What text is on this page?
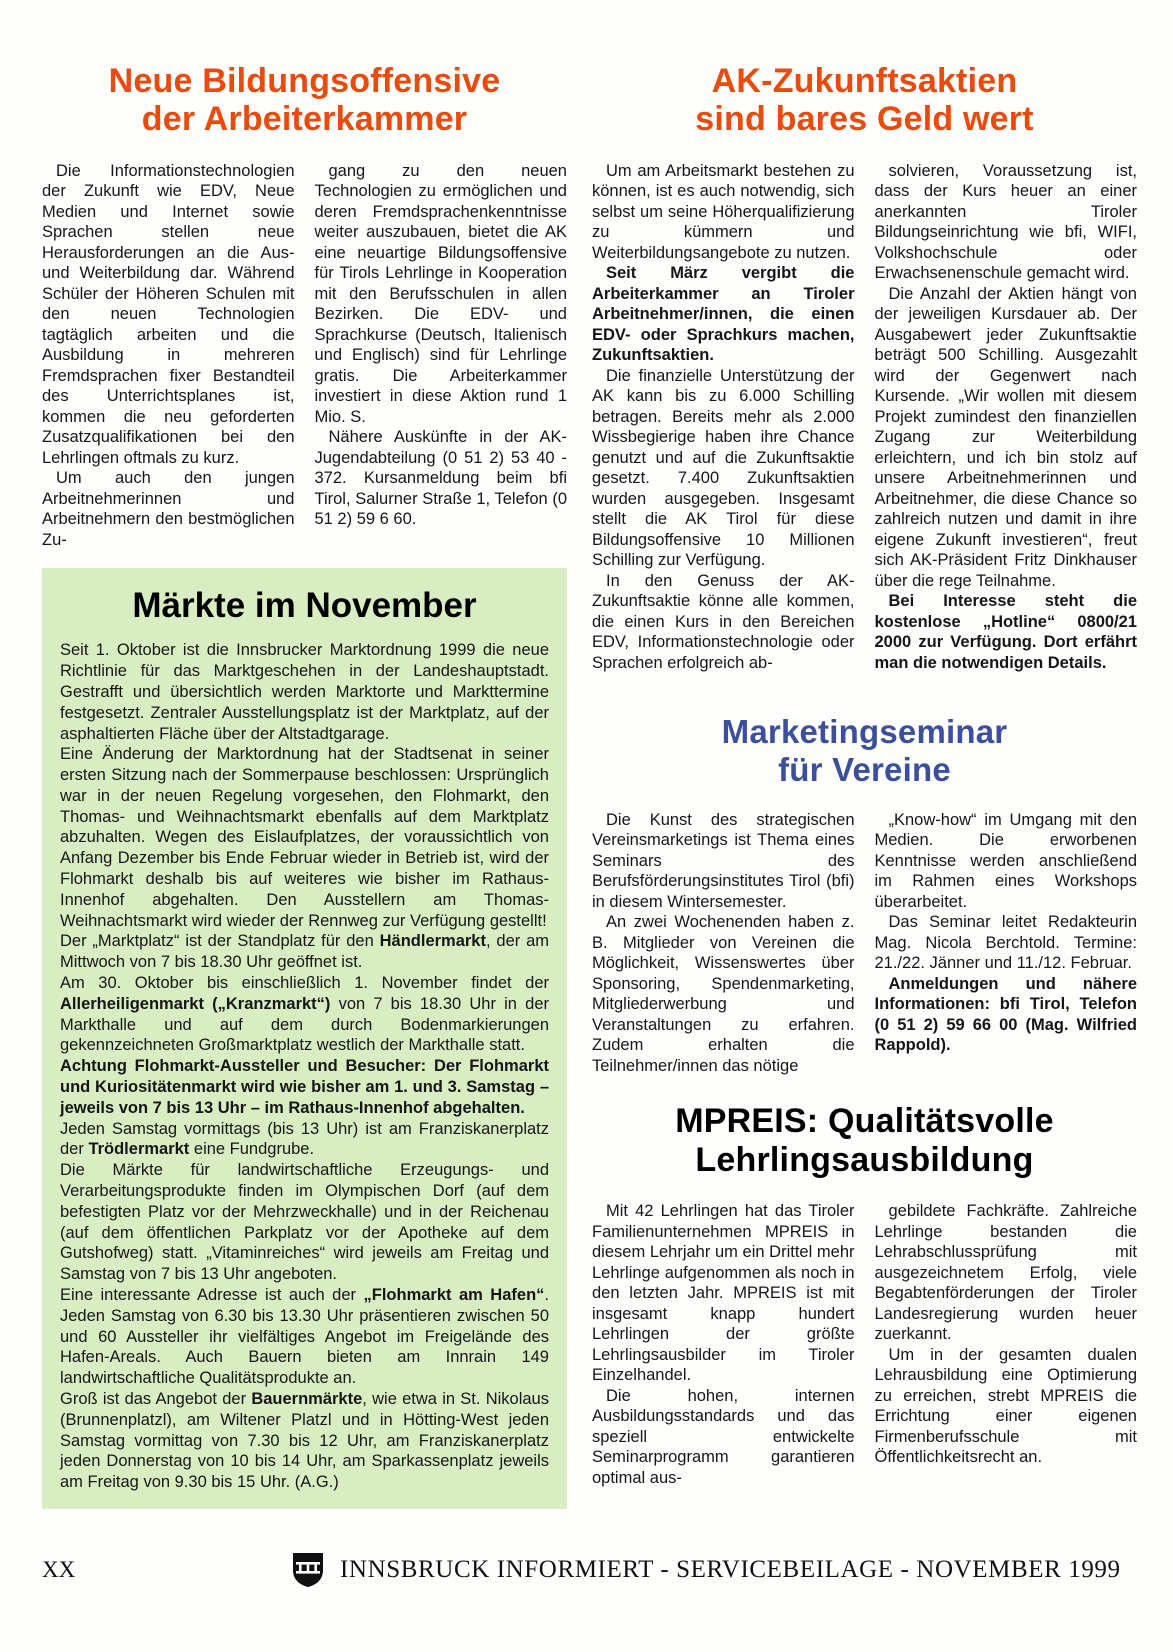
Neue Bildungsoffensive
der Arbeiterkammer

Die Informationstechnologien der Zukunft wie EDV, Neue Medien und Internet sowie Sprachen stellen neue Herausforderungen an die Aus- und Weiterbildung dar. Während Schüler der Höheren Schulen mit den neuen Technologien tagtäglich arbeiten und die Ausbildung in mehreren Fremdsprachen fixer Bestandteil des Unterrichtsplanes ist, kommen die neu geforderten Zusatzqualifikationen bei den Lehrlingen oftmals zu kurz.

Um auch den jungen Arbeitnehmerinnen und Arbeitnehmern den bestmöglichen Zu-

gang zu den neuen Technologien zu ermöglichen und deren Fremdsprachenkenntnisse weiter auszubauen, bietet die AK eine neuartige Bildungsoffensive für Tirols Lehrlinge in Kooperation mit den Berufsschulen in allen Bezirken. Die EDV- und Sprachkurse (Deutsch, Italienisch und Englisch) sind für Lehrlinge gratis. Die Arbeiterkammer investiert in diese Aktion rund 1 Mio. S.

Nähere Auskünfte in der AK-Jugendabteilung (0 51 2) 53 40 - 372. Kursanmeldung beim bfi Tirol, Salurner Straße 1, Telefon (0 51 2) 59 6 60.

Märkte im November

Seit 1. Oktober ist die Innsbrucker Marktordnung 1999 die neue Richtlinie für das Marktgeschehen in der Landeshauptstadt. Gestrafft und übersichtlich werden Marktorte und Markttermine festgesetzt. Zentraler Ausstellungsplatz ist der Marktplatz, auf der asphaltierten Fläche über der Altstadtgarage.

Eine Änderung der Marktordnung hat der Stadtsenat in seiner ersten Sitzung nach der Sommerpause beschlossen: Ursprünglich war in der neuen Regelung vorgesehen, den Flohmarkt, den Thomas- und Weihnachtsmarkt ebenfalls auf dem Marktplatz abzuhalten. Wegen des Eislaufplatzes, der voraussichtlich von Anfang Dezember bis Ende Februar wieder in Betrieb ist, wird der Flohmarkt deshalb bis auf weiteres wie bisher im Rathaus-Innenhof abgehalten. Den Ausstellern am Thomas-Weihnachtsmarkt wird wieder der Rennweg zur Verfügung gestellt!

Der „Marktplatz“ ist der Standplatz für den Händlermarkt, der am Mittwoch von 7 bis 18.30 Uhr geöffnet ist.

Am 30. Oktober bis einschließlich 1. November findet der Allerheiligenmarkt („Kranzmarkt“) von 7 bis 18.30 Uhr in der Markthalle und auf dem durch Bodenmarkierungen gekennzeichneten Großmarktplatz westlich der Markthalle statt.

Achtung Flohmarkt-Aussteller und Besucher: Der Flohmarkt und Kuriositätenmarkt wird wie bisher am 1. und 3. Samstag – jeweils von 7 bis 13 Uhr – im Rathaus-Innenhof abgehalten.

Jeden Samstag vormittags (bis 13 Uhr) ist am Franziskanerplatz der Trödlermarkt eine Fundgrube.

Die Märkte für landwirtschaftliche Erzeugungs- und Verarbeitungsprodukte finden im Olympischen Dorf (auf dem befestigten Platz vor der Mehrzweckhalle) und in der Reichenau (auf dem öffentlichen Parkplatz vor der Apotheke auf dem Gutshofweg) statt. „Vitaminreiches“ wird jeweils am Freitag und Samstag von 7 bis 13 Uhr angeboten.

Eine interessante Adresse ist auch der „Flohmarkt am Hafen“. Jeden Samstag von 6.30 bis 13.30 Uhr präsentieren zwischen 50 und 60 Aussteller ihr vielfältiges Angebot im Freigelände des Hafen-Areals. Auch Bauern bieten am Innrain 149 landwirtschaftliche Qualitätsprodukte an.

Groß ist das Angebot der Bauernmärkte, wie etwa in St. Nikolaus (Brunnenplatzl), am Wiltener Platzl und in Hötting-West jeden Samstag vormittag von 7.30 bis 12 Uhr, am Franziskanerplatz jeden Donnerstag von 10 bis 14 Uhr, am Sparkassenplatz jeweils am Freitag von 9.30 bis 15 Uhr. (A.G.)

AK-Zukunftsaktien
sind bares Geld wert

Um am Arbeitsmarkt bestehen zu können, ist es auch notwendig, sich selbst um seine Höherqualifizierung zu kümmern und Weiterbildungsangebote zu nutzen.

Seit März vergibt die Arbeiterkammer an Tiroler Arbeitnehmer/innen, die einen EDV- oder Sprachkurs machen, Zukunftsaktien.

Die finanzielle Unterstützung der AK kann bis zu 6.000 Schilling betragen. Bereits mehr als 2.000 Wissbegierige haben ihre Chance genutzt und auf die Zukunftsaktie gesetzt. 7.400 Zukunftsaktien wurden ausgegeben. Insgesamt stellt die AK Tirol für diese Bildungsoffensive 10 Millionen Schilling zur Verfügung.

In den Genuss der AK-Zukunftsaktie könne alle kommen, die einen Kurs in den Bereichen EDV, Informationstechnologie oder Sprachen erfolgreich ab-

solvieren, Voraussetzung ist, dass der Kurs heuer an einer anerkannten Tiroler Bildungseinrichtung wie bfi, WIFI, Volkshochschule oder Erwachsenenschule gemacht wird.

Die Anzahl der Aktien hängt von der jeweiligen Kursdauer ab. Der Ausgabewert jeder Zukunftsaktie beträgt 500 Schilling. Ausgezahlt wird der Gegenwert nach Kursende. „Wir wollen mit diesem Projekt zumindest den finanziellen Zugang zur Weiterbildung erleichtern, und ich bin stolz auf unsere Arbeitnehmerinnen und Arbeitnehmer, die diese Chance so zahlreich nutzen und damit in ihre eigene Zukunft investieren“, freut sich AK-Präsident Fritz Dinkhauser über die rege Teilnahme.

Bei Interesse steht die kostenlose „Hotline“ 0800/21 2000 zur Verfügung. Dort erfährt man die notwendigen Details.

Marketingseminar
für Vereine

Die Kunst des strategischen Vereinsmarketings ist Thema eines Seminars des Berufsförderungsinstitutes Tirol (bfi) in diesem Wintersemester.

An zwei Wochenenden haben z. B. Mitglieder von Vereinen die Möglichkeit, Wissenswertes über Sponsoring, Spendenmarketing, Mitgliederwerbung und Veranstaltungen zu erfahren. Zudem erhalten die Teilnehmer/innen das nötige

„Know-how“ im Umgang mit den Medien. Die erworbenen Kenntnisse werden anschließend im Rahmen eines Workshops überarbeitet.

Das Seminar leitet Redakteurin Mag. Nicola Berchtold. Termine: 21./22. Jänner und 11./12. Februar.

Anmeldungen und nähere Informationen: bfi Tirol, Telefon (0 51 2) 59 66 00 (Mag. Wilfried Rappold).

MPREIS: Qualitätsvolle
Lehrlingsausbildung

Mit 42 Lehrlingen hat das Tiroler Familienunternehmen MPREIS in diesem Lehrjahr um ein Drittel mehr Lehrlinge aufgenommen als noch in den letzten Jahr. MPREIS ist mit insgesamt knapp hundert Lehrlingen der größte Lehrlingsausbilder im Tiroler Einzelhandel.

Die hohen, internen Ausbildungsstandards und das speziell entwickelte Seminarprogramm garantieren optimal aus-

gebildete Fachkräfte. Zahlreiche Lehrlinge bestanden die Lehrabschlussprüfung mit ausgezeichnetem Erfolg, viele Begabtenförderungen der Tiroler Landesregierung wurden heuer zuerkannt.

Um in der gesamten dualen Lehrausbildung eine Optimierung zu erreichen, strebt MPREIS die Errichtung einer eigenen Firmenberufsschule mit Öffentlichkeitsrecht an.

XX	INNSBRUCK INFORMIERT - SERVICEBEILAGE - NOVEMBER 1999
